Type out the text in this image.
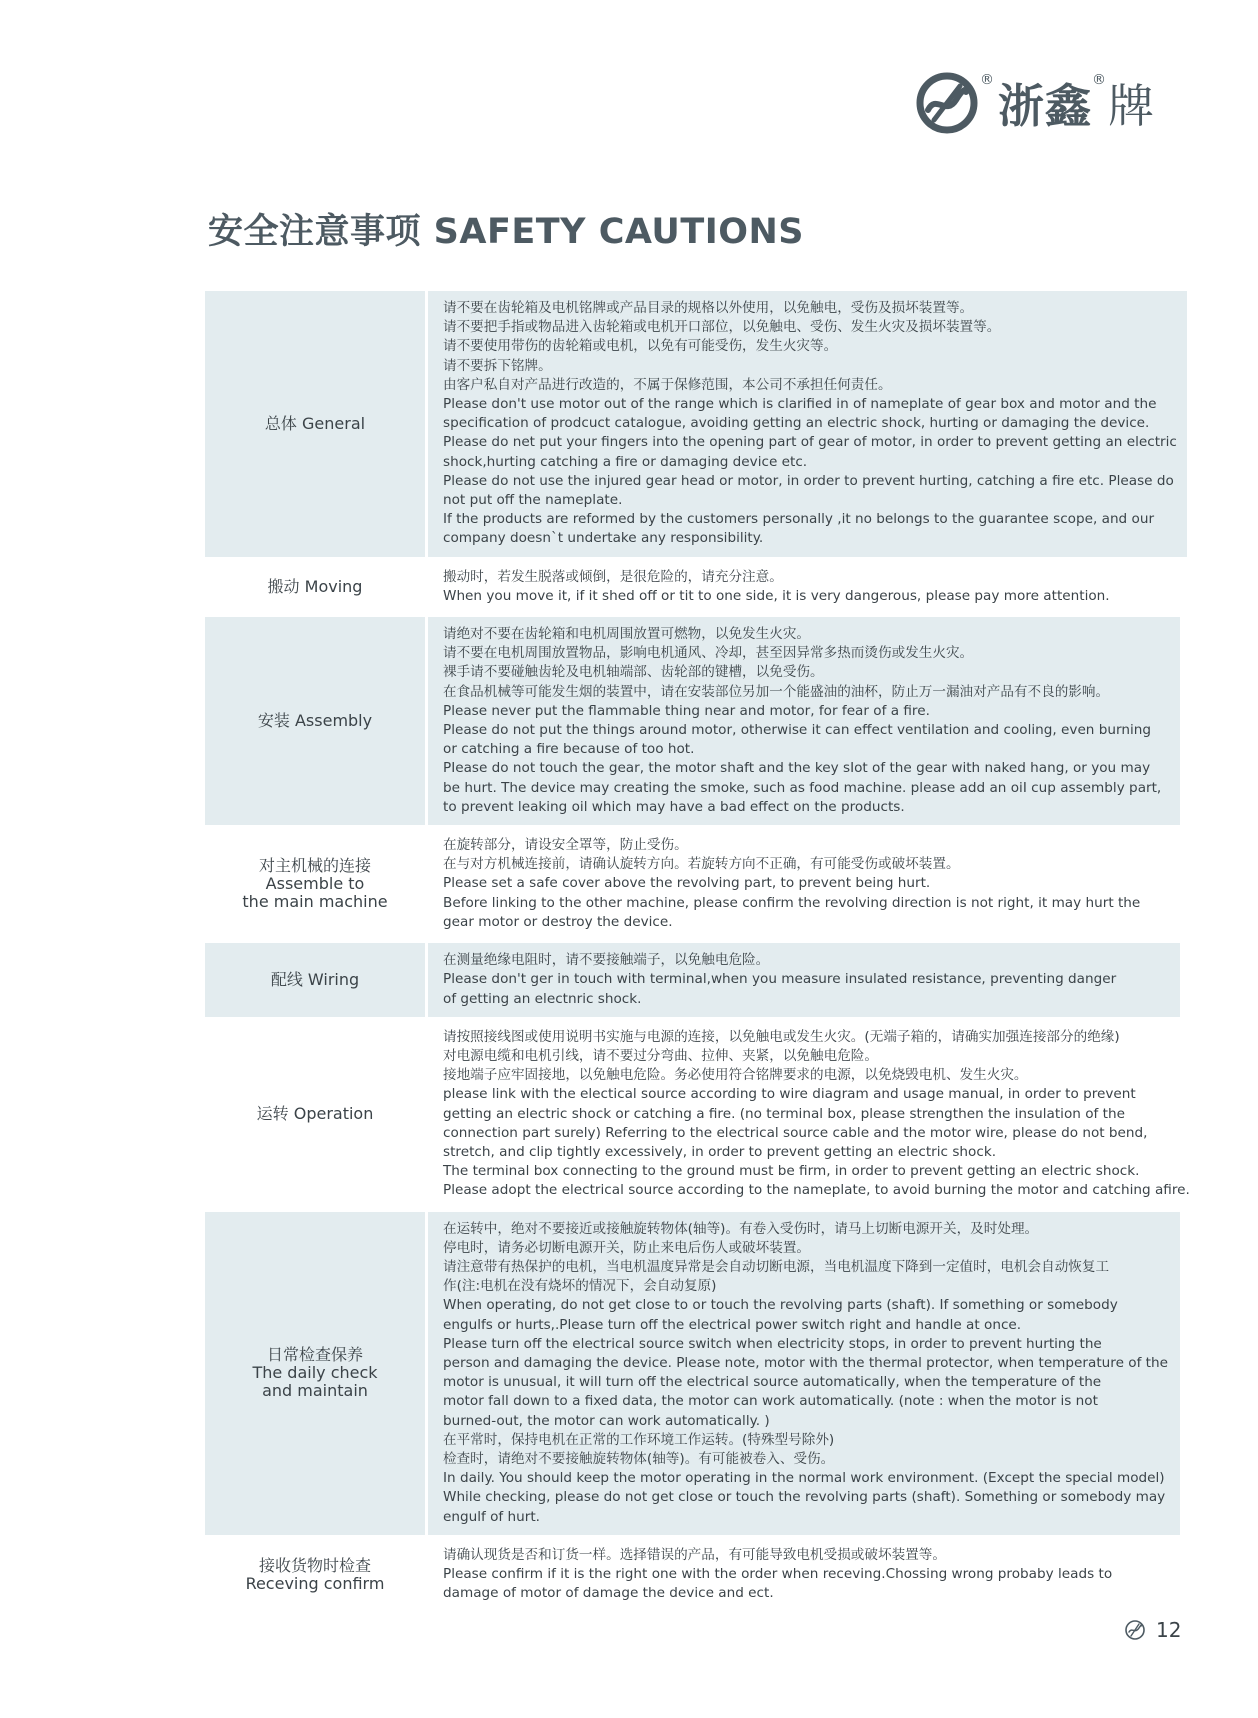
® 浙鑫 ® 牌
安全注意事项 SAFETY CAUTIONS
总体 General
请不要在齿轮箱及电机铭牌或产品目录的规格以外使用，以免触电，受伤及损坏装置等。
请不要把手指或物品进入齿轮箱或电机开口部位，以免触电、受伤、发生火灾及损坏装置等。
请不要使用带伤的齿轮箱或电机，以免有可能受伤，发生火灾等。
请不要拆下铭牌。
由客户私自对产品进行改造的，不属于保修范围，本公司不承担任何责任。
Please don't use motor out of the range which is clarified in of nameplate of gear box and motor and the
specification of prodcuct catalogue, avoiding getting an electric shock, hurting or damaging the device.
Please do net put your fingers into the opening part of gear of motor, in order to prevent getting an electric
shock,hurting catching a fire or damaging device etc.
Please do not use the injured gear head or motor, in order to prevent hurting, catching a fire etc. Please do
not put off the nameplate.
If the products are reformed by the customers personally ,it no belongs to the guarantee scope, and our
company doesn`t undertake any responsibility.
搬动 Moving
搬动时，若发生脱落或倾倒，是很危险的，请充分注意。
When you move it, if it shed off or tit to one side, it is very dangerous, please pay more attention.
安装 Assembly
请绝对不要在齿轮箱和电机周围放置可燃物，以免发生火灾。
请不要在电机周围放置物品，影响电机通风、冷却，甚至因异常多热而烫伤或发生火灾。
裸手请不要碰触齿轮及电机轴端部、齿轮部的键槽，以免受伤。
在食品机械等可能发生烟的装置中，请在安装部位另加一个能盛油的油杯，防止万一漏油对产品有不良的影响。
Please never put the flammable thing near and motor, for fear of a fire.
Please do not put the things around motor, otherwise it can effect ventilation and cooling, even burning
or catching a fire because of too hot.
PIease do not touch the gear, the motor shaft and the key sIot of the gear with naked hang, or you may
be hurt. The device may creating the smoke, such as food machine. please add an oiI cup assembly part,
to prevent leaking oil which may have a bad effect on the products.
对主机械的连接
Assemble to
the main machine
在旋转部分，请设安全罩等，防止受伤。
在与对方机械连接前，请确认旋转方向。若旋转方向不正确，有可能受伤或破坏装置。
Please set a safe cover above the revolving part, to prevent being hurt.
Before linking to the other machine, please confirm the revolving direction is not right, it may hurt the
gear motor or destroy the device.
配线 Wiring
在测量绝缘电阻时，请不要接触端子，以免触电危险。
Please don't ger in touch with terminal,when you measure insulated resistance, preventing danger
of getting an electnric shock.
运转 Operation
请按照接线图或使用说明书实施与电源的连接，以免触电或发生火灾。(无端子箱的，请确实加强连接部分的绝缘)
对电源电缆和电机引线，请不要过分弯曲、拉伸、夹紧，以免触电危险。
接地端子应牢固接地，以免触电危险。务必使用符合铭牌要求的电源，以免烧毁电机、发生火灾。
please link with the electical source according to wire diagram and usage manual, in order to prevent
getting an electric shock or catching a fire. (no terminal box, please strengthen the insulation of the
connection part surely) Referring to the electrical source cable and the motor wire, please do not bend,
stretch, and clip tightly excessively, in order to prevent getting an electric shock.
The terminal box connecting to the ground must be firm, in order to prevent getting an electric shock.
Please adopt the electrical source according to the nameplate, to avoid burning the motor and catching afire.
日常检查保养
The daily check
and maintain
在运转中，绝对不要接近或接触旋转物体(轴等)。有卷入受伤时，请马上切断电源开关，及时处理。
停电时，请务必切断电源开关，防止来电后伤人或破坏装置。
请注意带有热保护的电机，当电机温度异常是会自动切断电源，当电机温度下降到一定值时，电机会自动恢复工
作(注:电机在没有烧坏的情况下，会自动复原)
When operating, do not get close to or touch the revolving parts (shaft). If something or somebody
engulfs or hurts,.Please turn off the electrical power switch right and handle at once.
Please turn off the electrical source switch when electricity stops, in order to prevent hurting the
person and damaging the device. Please note, motor with the thermal protector, when temperature of the
motor is unusual, it will turn off the electrical source automatically, when the temperature of the
motor fall down to a fixed data, the motor can work automatically. (note : when the motor is not
burned-out, the motor can work automatically. )
在平常时，保持电机在正常的工作环境工作运转。(特殊型号除外)
检查时，请绝对不要接触旋转物体(轴等)。有可能被卷入、受伤。
In daily. You should keep the motor operating in the normal work environment. (Except the special model)
While checking, please do not get close or touch the revolving parts (shaft). Something or somebody may
engulf of hurt.
接收货物时检查
Receving confirm
请确认现货是否和订货一样。选择错误的产品，有可能导致电机受损或破坏装置等。
Please confirm if it is the right one with the order when receving.Chossing wrong probaby leads to
damage of motor of damage the device and ect.
12
